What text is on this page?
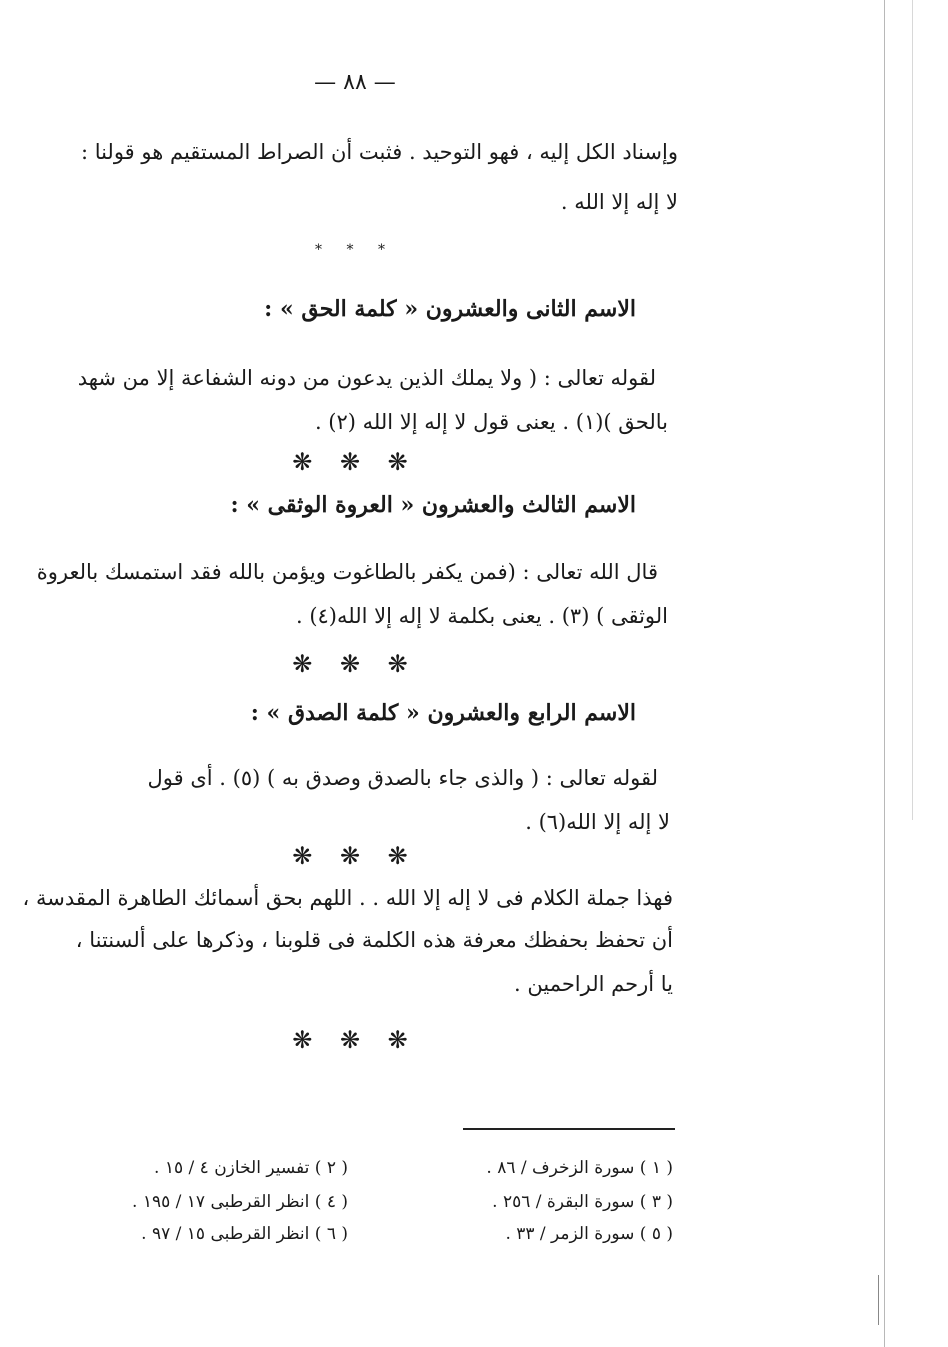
— ٨٨ —
وإسناد الكل إليه ، فهو التوحيد . فثبت أن الصراط المستقيم هو قولنا :
لا إله إلا الله .
* * *
الاسم الثانى والعشرون « كلمة الحق » :
لقوله تعالى : ( ولا يملك الذين يدعون من دونه الشفاعة إلا من شهد
بالحق )(١) . يعنى قول لا إله إلا الله (٢) .
❋ ❋ ❋
الاسم الثالث والعشرون « العروة الوثقى » :
قال الله تعالى : (فمن يكفر بالطاغوت ويؤمن بالله فقد استمسك بالعروة
الوثقى ) (٣) . يعنى بكلمة لا إله إلا الله(٤) .
❋ ❋ ❋
الاسم الرابع والعشرون « كلمة الصدق » :
لقوله تعالى : ( والذى جاء بالصدق وصدق به ) (٥) . أى قول
لا إله إلا الله(٦) .
❋ ❋ ❋
فهذا جملة الكلام فى لا إله إلا الله . . اللهم بحق أسمائك الطاهرة المقدسة ،
أن تحفظ بحفظك معرفة هذه الكلمة فى قلوبنا ، وذكرها على ألسنتنا ،
يا أرحم الراحمين .
❋ ❋ ❋
( ١ ) سورة الزخرف / ٨٦ .
( ٢ ) تفسير الخازن ٤ / ١٥ .
( ٣ ) سورة البقرة / ٢٥٦ .
( ٤ ) انظر القرطبى ١٧ / ١٩٥ .
( ٥ ) سورة الزمر / ٣٣ .
( ٦ ) انظر القرطبى ١٥ / ٩٧ .
